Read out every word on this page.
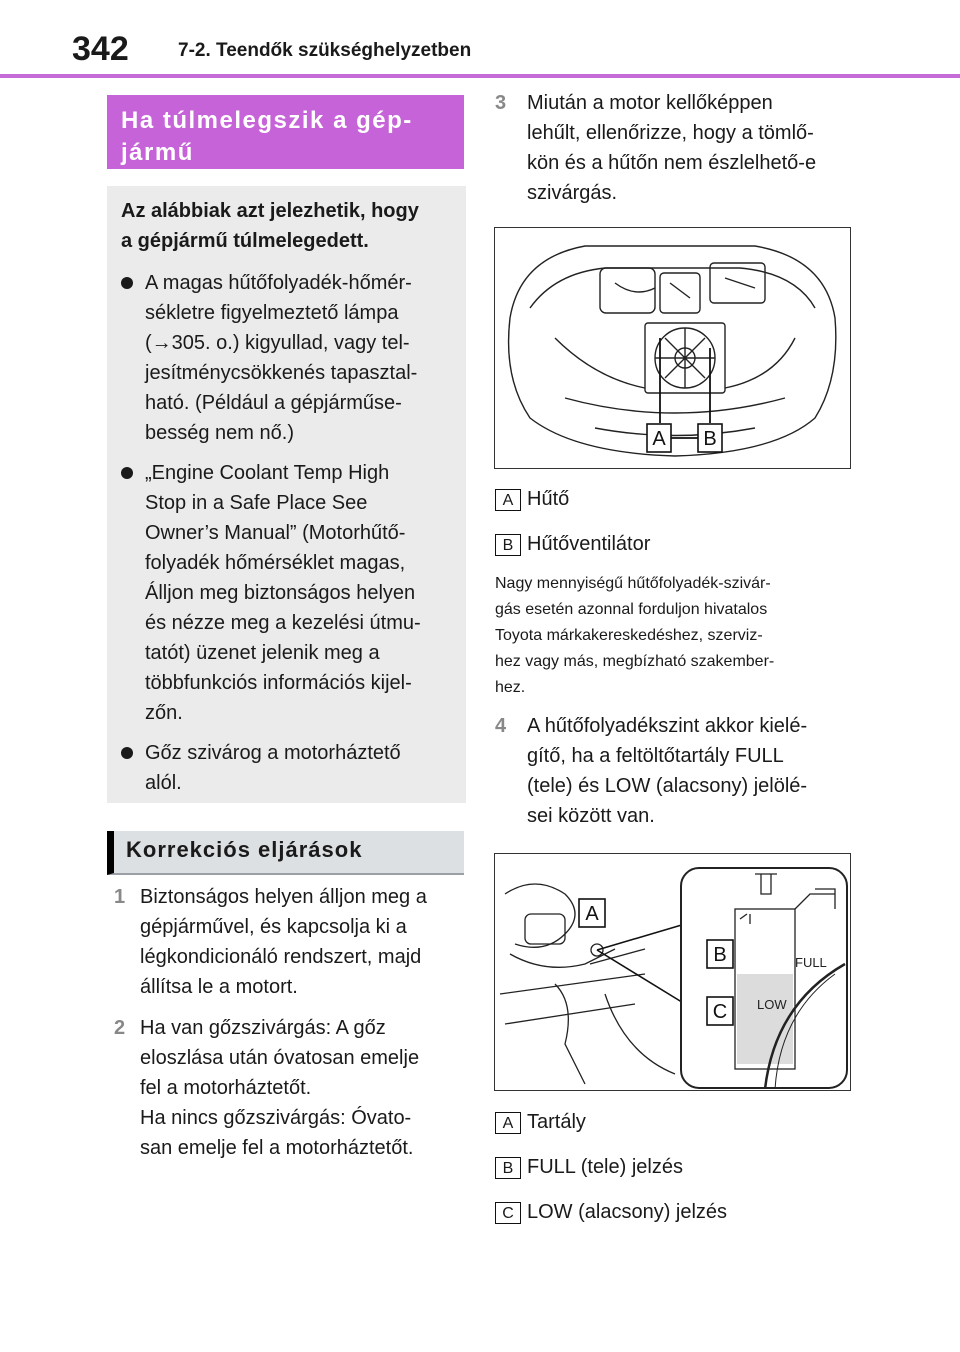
342	7-2. Teendők szükséghelyzetben
Ha túlmelegszik a gép-
jármű
Az alábbiak azt jelezhetik, hogy
a gépjármű túlmelegedett.
A magas hűtőfolyadék-hőmér-
sékletre figyelmeztető lámpa
(→305. o.) kigyullad, vagy tel-
jesítménycsökkenés tapasztal-
ható. (Például a gépjárműse-
besség nem nő.)
„Engine Coolant Temp High
Stop in a Safe Place See
Owner’s Manual” (Motorhűtő-
folyadék hőmérséklet magas,
Álljon meg biztonságos helyen
és nézze meg a kezelési útmu-
tatót) üzenet jelenik meg a
többfunkciós információs kijel-
zőn.
Gőz szivárog a motorháztető
alól.
Korrekciós eljárások
1 Biztonságos helyen álljon meg a
gépjárművel, és kapcsolja ki a
légkondicionáló rendszert, majd
állítsa le a motort.
2 Ha van gőzszivárgás: A gőz
eloszlása után óvatosan emelje
fel a motorháztetőt.
Ha nincs gőzszivárgás: Óvato-
san emelje fel a motorháztetőt.
3 Miután a motor kellőképpen
lehűlt, ellenőrizze, hogy a tömlő-
kön és a hűtőn nem észlelhető-e
szivárgás.
A B
A Hűtő
B Hűtőventilátor
Nagy mennyiségű hűtőfolyadék-szivár-
gás esetén azonnal forduljon hivatalos
Toyota márkakereskedéshez, szerviz-
hez vagy más, megbízható szakember-
hez.
4 A hűtőfolyadékszint akkor kielé-
gítő, ha a feltöltőtartály FULL
(tele) és LOW (alacsony) jelölé-
sei között van.
FULL
LOW
A
B
C
A Tartály
B FULL (tele) jelzés
C LOW (alacsony) jelzés
